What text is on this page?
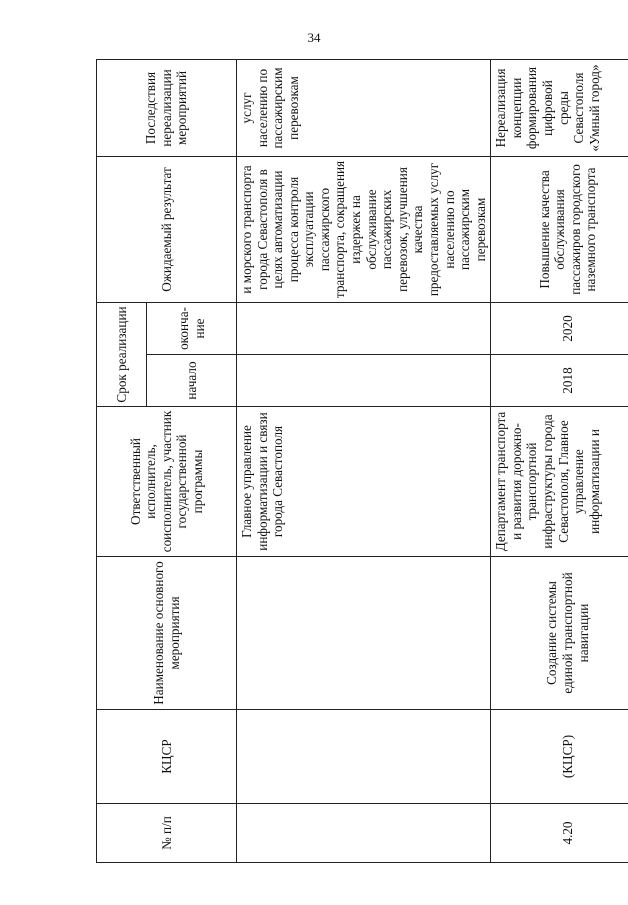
34
№ п/п	КЦСР	Наименование основного мероприятия	Ответственный исполнитель, соисполнитель, участник государственной программы	Срок реализации		Ожидаемый результат	Последствия нереализации мероприятий
				начало	оконча-ние		
			Главное управление информатизации и связи города Севастополя			и морского транспорта города Севастополя в целях автоматизации процесса контроля эксплуатации пассажирского транспорта, сокращения издержек на обслуживание пассажирских перевозок, улучшения качества предоставляемых услуг населению по пассажирским перевозкам	услуг населению по пассажирским перевозкам
4.20	(КЦСР)	Создание системы единой транспортной навигации	Департамент транспорта и развития дорожно-транспортной инфраструктуры города Севастополя, Главное управление информатизации и	2018	2020	Повышение качества обслуживания пассажиров городского наземного транспорта	Нереализация концепции формирования цифровой среды Севастополя «Умный город»
